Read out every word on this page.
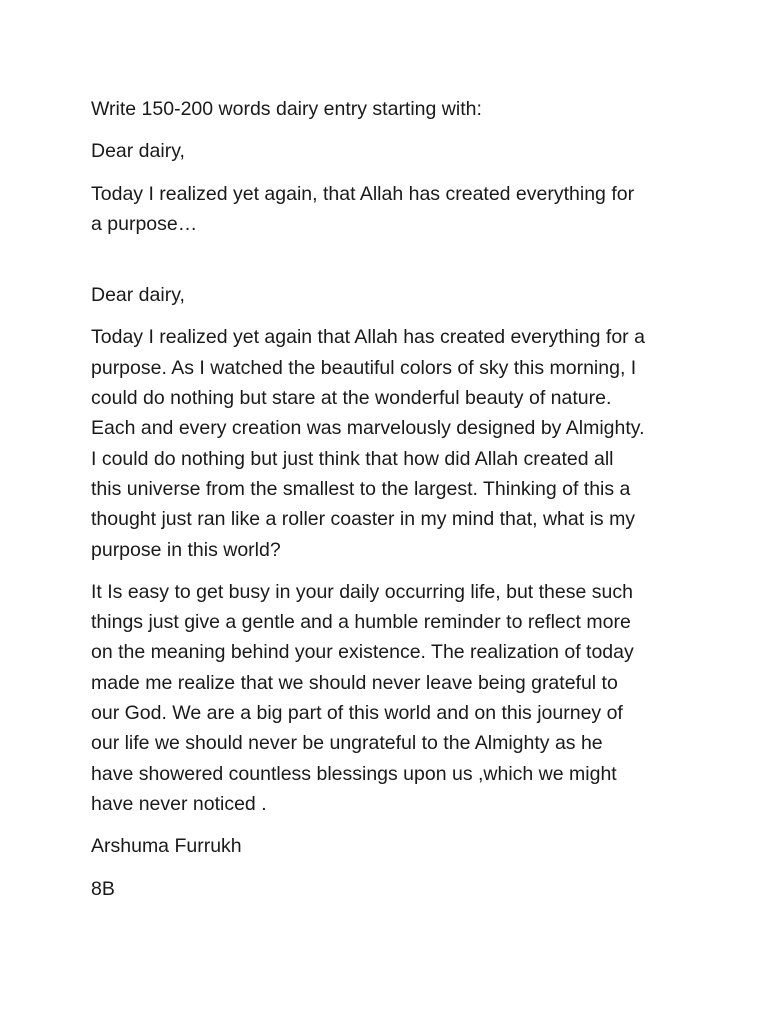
Write 150-200 words dairy entry starting with:

Dear dairy,

Today I realized yet again, that Allah has created everything for
a purpose…

Dear dairy,

Today I realized yet again that Allah has created everything for a
purpose. As I watched the beautiful colors of sky this morning, I
could do nothing but stare at the wonderful beauty of nature.
Each and every creation was marvelously designed by Almighty.
I could do nothing but just think that how did Allah created all
this universe from the smallest to the largest. Thinking of this a
thought just ran like a roller coaster in my mind that, what is my
purpose in this world?

It Is easy to get busy in your daily occurring life, but these such
things just give a gentle and a humble reminder to reflect more
on the meaning behind your existence. The realization of today
made me realize that we should never leave being grateful to
our God. We are a big part of this world and on this journey of
our life we should never be ungrateful to the Almighty as he
have showered countless blessings upon us ,which we might
have never noticed .

Arshuma Furrukh

8B
